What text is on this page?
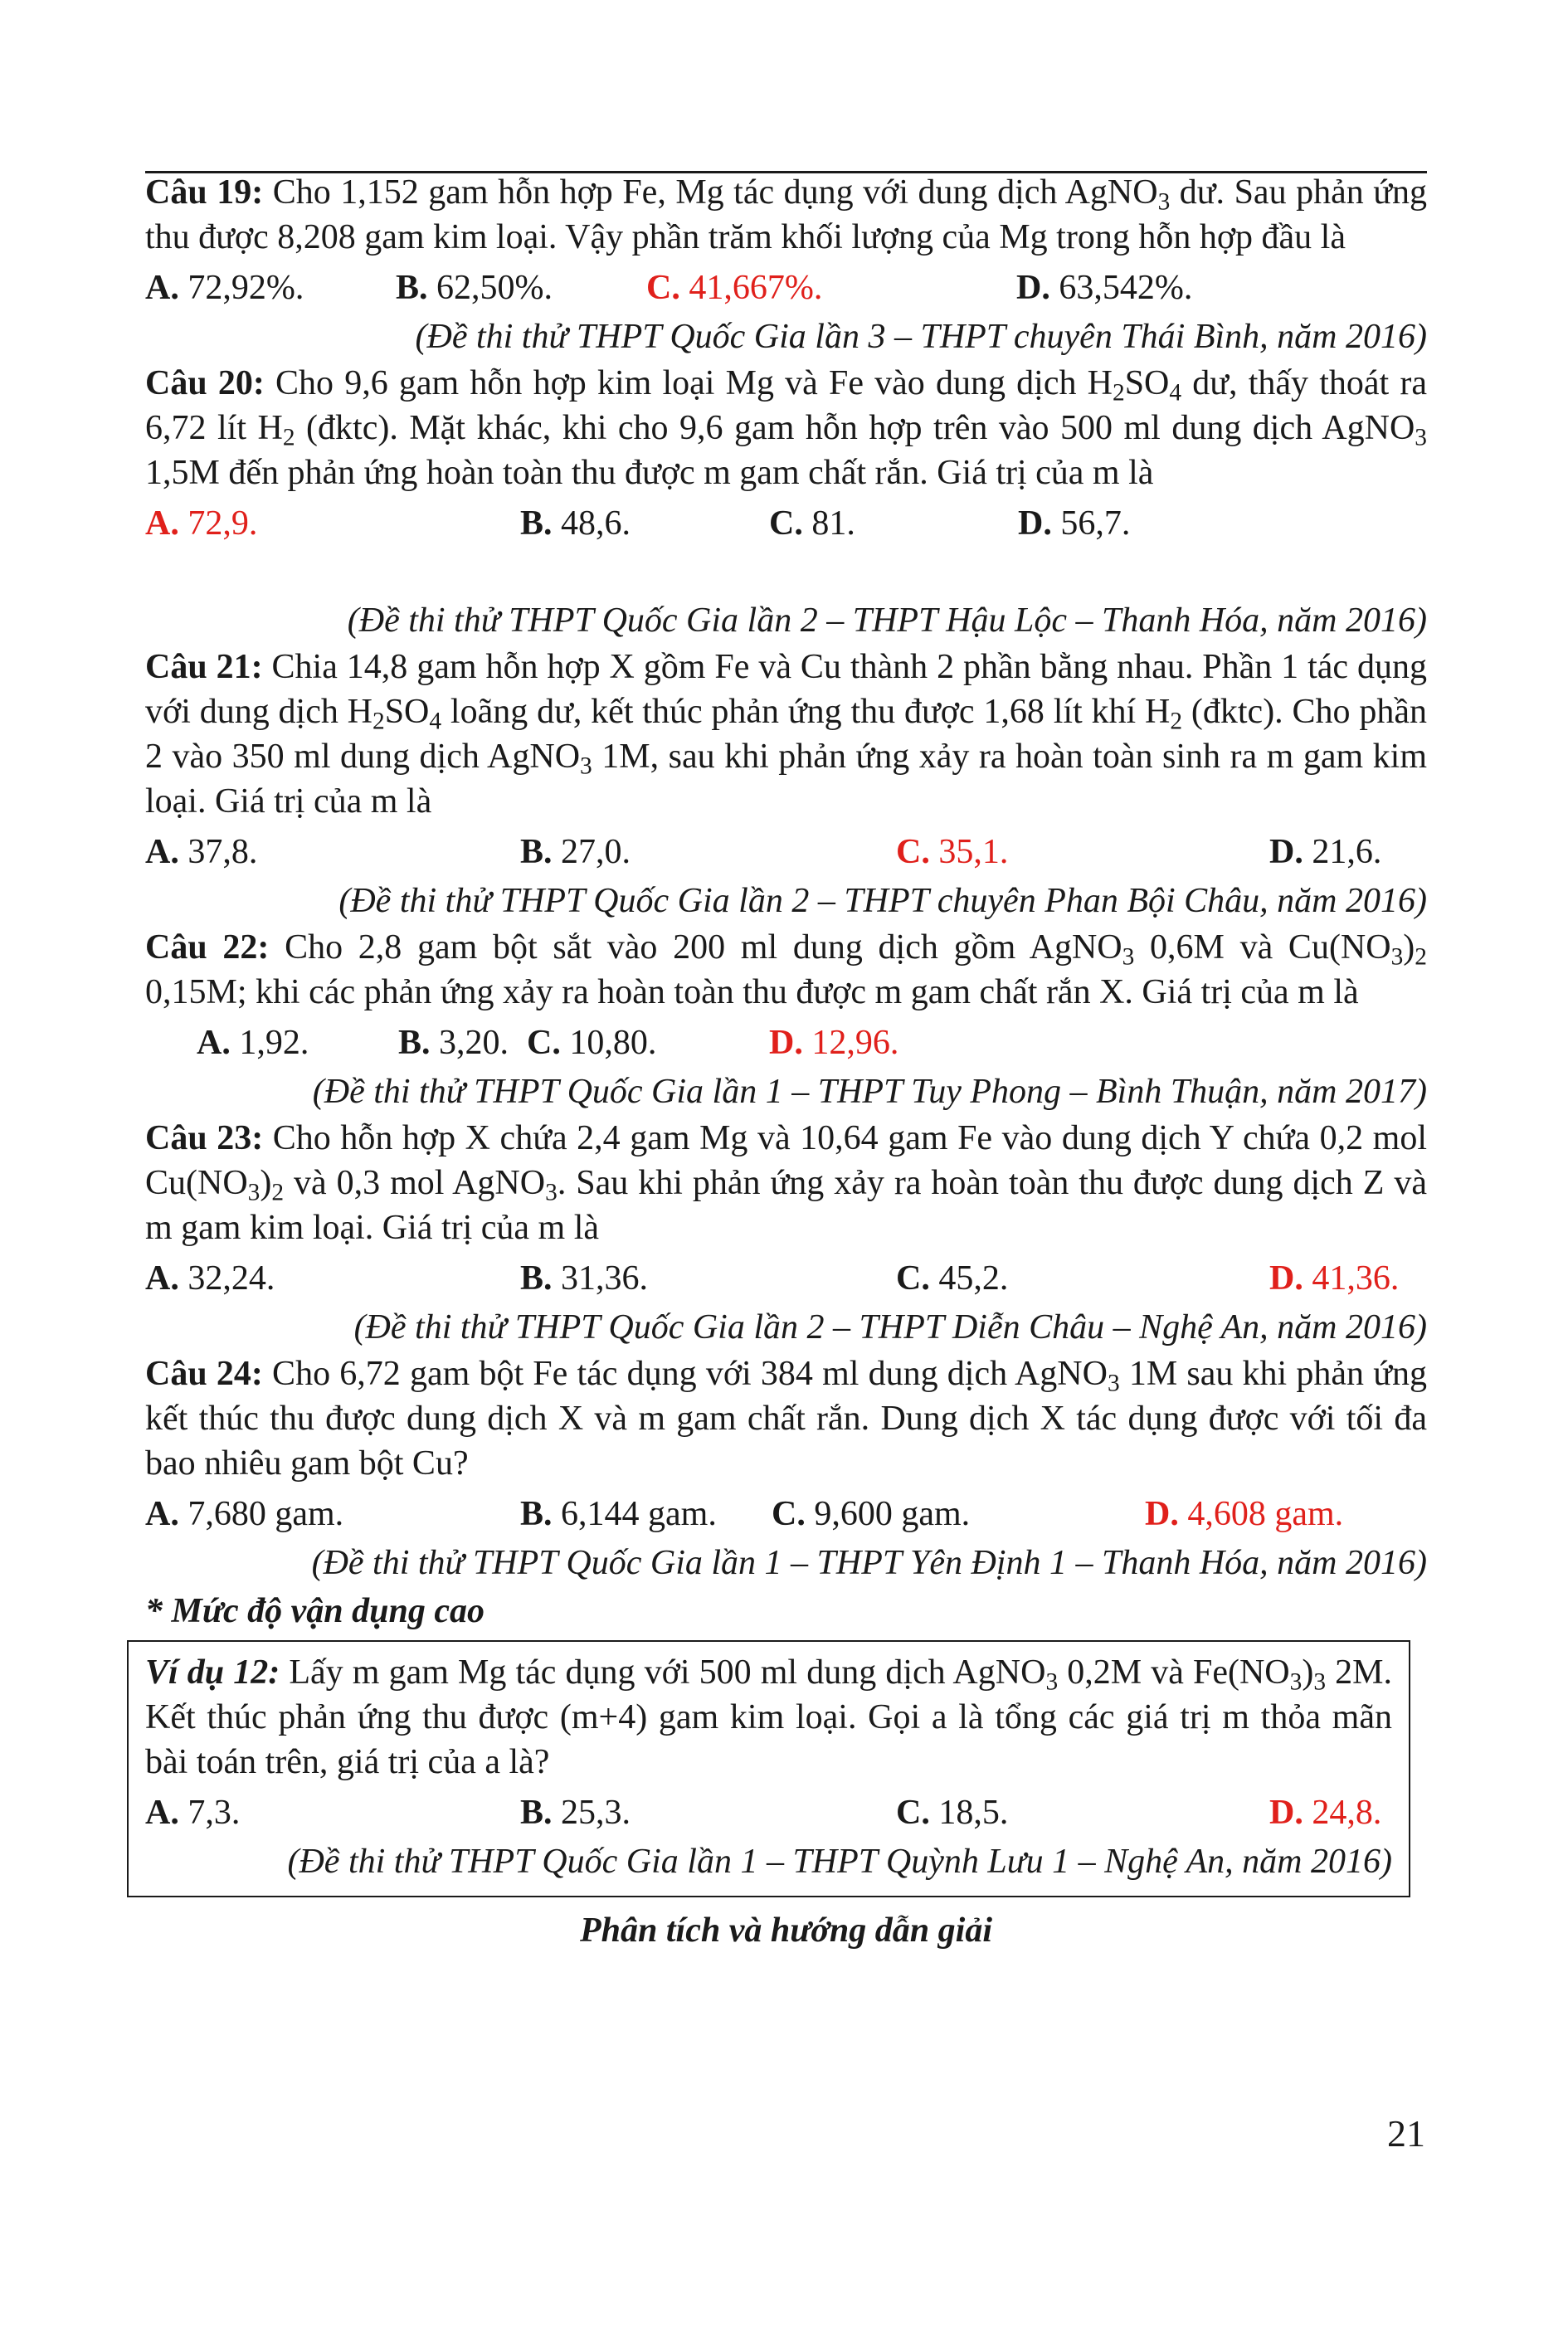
Câu 19: Cho 1,152 gam hỗn hợp Fe, Mg tác dụng với dung dịch AgNO$_3$ dư. Sau phản ứng thu được 8,208 gam kim loại. Vậy phần trăm khối lượng của Mg trong hỗn hợp đầu là

A. 72,92%.	B. 62,50%.	C. 41,667%.	D. 63,542%.

(Đề thi thử THPT Quốc Gia lần 3 – THPT chuyên Thái Bình, năm 2016)

Câu 20: Cho 9,6 gam hỗn hợp kim loại Mg và Fe vào dung dịch $H_2SO_4$ dư, thấy thoát ra 6,72 lít $H_2$ (đktc). Mặt khác, khi cho 9,6 gam hỗn hợp trên vào 500 ml dung dịch AgNO$_3$ 1,5M đến phản ứng hoàn toàn thu được m gam chất rắn. Giá trị của m là

A. 72,9.	B. 48,6.	C. 81.	D. 56,7.

(Đề thi thử THPT Quốc Gia lần 2 – THPT Hậu Lộc – Thanh Hóa, năm 2016)

Câu 21: Chia 14,8 gam hỗn hợp X gồm Fe và Cu thành 2 phần bằng nhau. Phần 1 tác dụng với dung dịch $H_2SO_4$ loãng dư, kết thúc phản ứng thu được 1,68 lít khí $H_2$ (đktc). Cho phần 2 vào 350 ml dung dịch AgNO$_3$ 1M, sau khi phản ứng xảy ra hoàn toàn sinh ra m gam kim loại. Giá trị của m là

A. 37,8.	B. 27,0.	C. 35,1.	D. 21,6.

(Đề thi thử THPT Quốc Gia lần 2 – THPT chuyên Phan Bội Châu, năm 2016)

Câu 22: Cho 2,8 gam bột sắt vào 200 ml dung dịch gồm AgNO$_3$ 0,6M và $Cu(NO_3)_2$ 0,15M; khi các phản ứng xảy ra hoàn toàn thu được m gam chất rắn X. Giá trị của m là

A. 1,92.	B. 3,20. C. 10,80.	D. 12,96.

(Đề thi thử THPT Quốc Gia lần 1 – THPT Tuy Phong – Bình Thuận, năm 2017)

Câu 23: Cho hỗn hợp X chứa 2,4 gam Mg và 10,64 gam Fe vào dung dịch Y chứa 0,2 mol $Cu(NO_3)_2$ và 0,3 mol AgNO$_3$. Sau khi phản ứng xảy ra hoàn toàn thu được dung dịch Z và m gam kim loại. Giá trị của m là

A. 32,24.	B. 31,36.	C. 45,2.	D. 41,36.

(Đề thi thử THPT Quốc Gia lần 2 – THPT Diễn Châu – Nghệ An, năm 2016)

Câu 24: Cho 6,72 gam bột Fe tác dụng với 384 ml dung dịch AgNO$_3$ 1M sau khi phản ứng kết thúc thu được dung dịch X và m gam chất rắn. Dung dịch X tác dụng được với tối đa bao nhiêu gam bột Cu?

A. 7,680 gam.	B. 6,144 gam. C. 9,600 gam.	D. 4,608 gam.

(Đề thi thử THPT Quốc Gia lần 1 – THPT Yên Định 1 – Thanh Hóa, năm 2016)

* Mức độ vận dụng cao

Ví dụ 12: Lấy m gam Mg tác dụng với 500 ml dung dịch AgNO$_3$ 0,2M và $Fe(NO_3)_3$ 2M. Kết thúc phản ứng thu được (m+4) gam kim loại. Gọi a là tổng các giá trị m thỏa mãn bài toán trên, giá trị của a là?

A. 7,3.	B. 25,3.	C. 18,5.	D. 24,8.

(Đề thi thử THPT Quốc Gia lần 1 – THPT Quỳnh Lưu 1 – Nghệ An, năm 2016)

Phân tích và hướng dẫn giải

21
